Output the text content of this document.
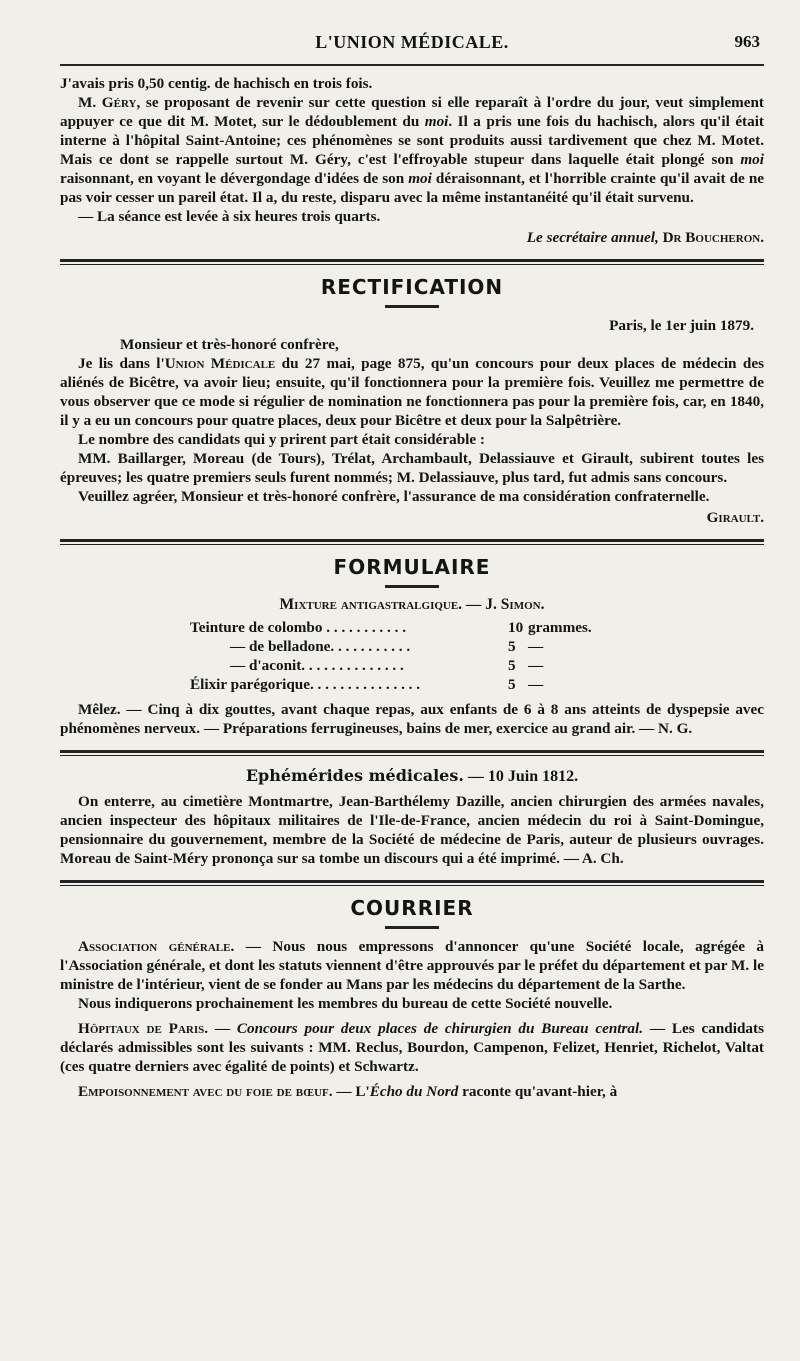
L'UNION MÉDICALE.	963

J'avais pris 0,50 centig. de hachisch en trois fois.

M. Géry, se proposant de revenir sur cette question si elle reparaît à l'ordre du jour, veut simplement appuyer ce que dit M. Motet, sur le dédoublement du moi. Il a pris une fois du hachisch, alors qu'il était interne à l'hôpital Saint-Antoine; ces phénomènes se sont produits aussi tardivement que chez M. Motet. Mais ce dont se rappelle surtout M. Géry, c'est l'effroyable stupeur dans laquelle était plongé son moi raisonnant, en voyant le dévergondage d'idées de son moi déraisonnant, et l'horrible crainte qu'il avait de ne pas voir cesser un pareil état. Il a, du reste, disparu avec la même instantanéité qu'il était survenu.

— La séance est levée à six heures trois quarts.

Le secrétaire annuel, Dr Boucheron.
RECTIFICATION
Paris, le 1er juin 1879.
Monsieur et très-honoré confrère,

Je lis dans l'Union Médicale du 27 mai, page 875, qu'un concours pour deux places de médecin des aliénés de Bicêtre, va avoir lieu; ensuite, qu'il fonctionnera pour la première fois. Veuillez me permettre de vous observer que ce mode si régulier de nomination ne fonctionnera pas pour la première fois, car, en 1840, il y a eu un concours pour quatre places, deux pour Bicêtre et deux pour la Salpêtrière.

Le nombre des candidats qui y prirent part était considérable :

MM. Baillarger, Moreau (de Tours), Trélat, Archambault, Delassiauve et Girault, subirent toutes les épreuves; les quatre premiers seuls furent nommés; M. Delassiauve, plus tard, fut admis sans concours.

Veuillez agréer, Monsieur et très-honoré confrère, l'assurance de ma considération confraternelle.

Girault.
FORMULAIRE
Mixture antigastralgique. — J. Simon.
Teinture de colombo . . . . . . . . . . .	10 grammes.
— de belladone. . . . . . . . . . .	5 —
— d'aconit. . . . . . . . . . . . . .	5 —
Élixir parégorique. . . . . . . . . . . . . . .	5 —

Mêlez. — Cinq à dix gouttes, avant chaque repas, aux enfants de 6 à 8 ans atteints de dyspepsie avec phénomènes nerveux. — Préparations ferrugineuses, bains de mer, exercice au grand air. — N. G.

Ephémérides médicales. — 10 Juin 1812.

On enterre, au cimetière Montmartre, Jean-Barthélemy Dazille, ancien chirurgien des armées navales, ancien inspecteur des hôpitaux militaires de l'Ile-de-France, ancien médecin du roi à Saint-Domingue, pensionnaire du gouvernement, membre de la Société de médecine de Paris, auteur de plusieurs ouvrages. Moreau de Saint-Méry prononça sur sa tombe un discours qui a été imprimé. — A. Ch.

COURRIER

Association générale. — Nous nous empressons d'annoncer qu'une Société locale, agrégée à l'Association générale, et dont les statuts viennent d'être approuvés par le préfet du département et par M. le ministre de l'intérieur, vient de se fonder au Mans par les médecins du département de la Sarthe.

Nous indiquerons prochainement les membres du bureau de cette Société nouvelle.

Hôpitaux de Paris. — Concours pour deux places de chirurgien du Bureau central. — Les candidats déclarés admissibles sont les suivants : MM. Reclus, Bourdon, Campenon, Felizet, Henriet, Richelot, Valtat (ces quatre derniers avec égalité de points) et Schwartz.

Empoisonnement avec du foie de bœuf. — L'Écho du Nord raconte qu'avant-hier, à
